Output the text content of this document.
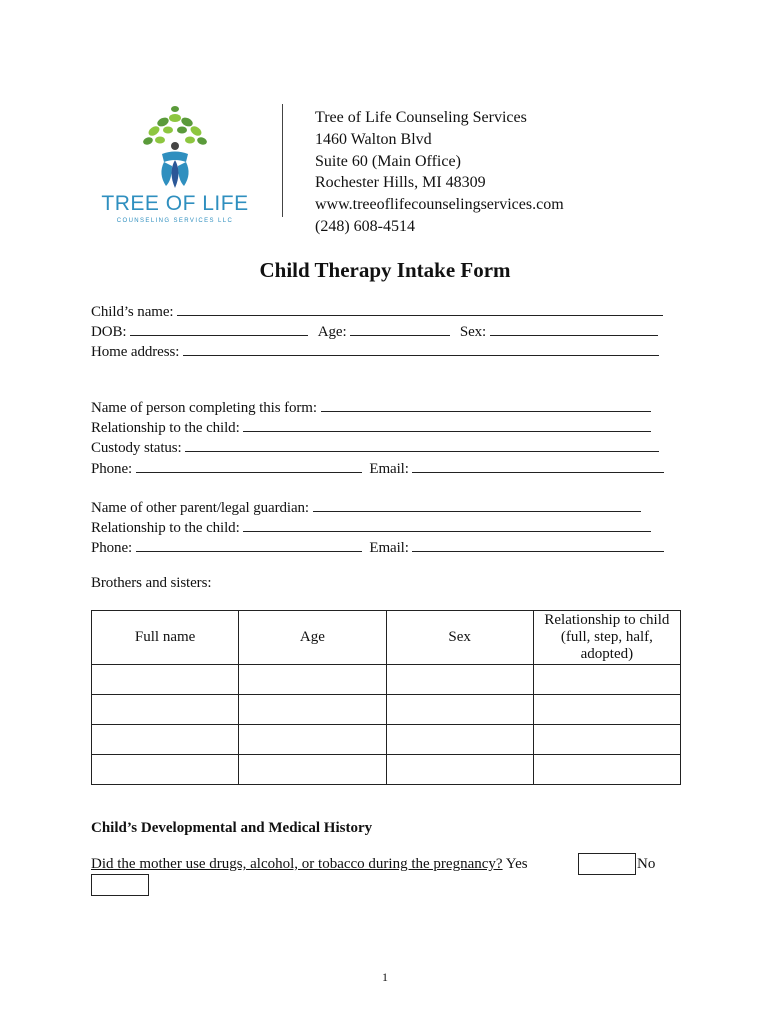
TREE OF LIFE
COUNSELING SERVICES LLC
Tree of Life Counseling Services
1460 Walton Blvd
Suite 60 (Main Office)
Rochester Hills, MI 48309
www.treeoflifecounselingservices.com
(248) 608-4514
Child Therapy Intake Form
Child’s name:
DOB:	Age:	Sex:
Home address:
Name of person completing this form:
Relationship to the child:
Custody status:
Phone:	Email:
Name of other parent/legal guardian:
Relationship to the child:
Phone:	Email:
Brothers and sisters:
Full name	Age	Sex	Relationship to child (full, step, half, adopted)

Child’s Developmental and Medical History
Did the mother use drugs, alcohol, or tobacco during the pregnancy? Yes	No
1
